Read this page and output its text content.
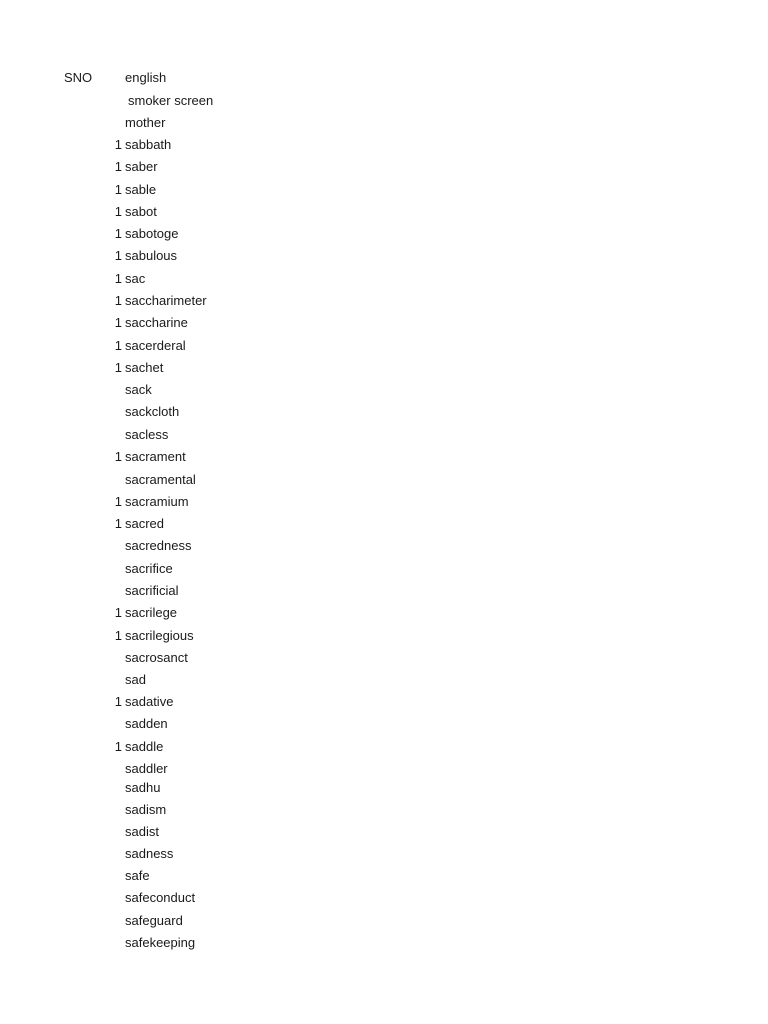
SNO	english
smoker screen
mother
1 sabbath
1 saber
1 sable
1 sabot
1 sabotoge
1 sabulous
1 sac
1 saccharimeter
1 saccharine
1 sacerderal
1 sachet
sack
sackcloth
sacless
1 sacrament
sacramental
1 sacramium
1 sacred
sacredness
sacrifice
sacrificial
1 sacrilege
1 sacrilegious
sacrosanct
sad
1 sadative
sadden
1 saddle
saddler
sadhu
sadism
sadist
sadness
safe
safeconduct
safeguard
safekeeping
